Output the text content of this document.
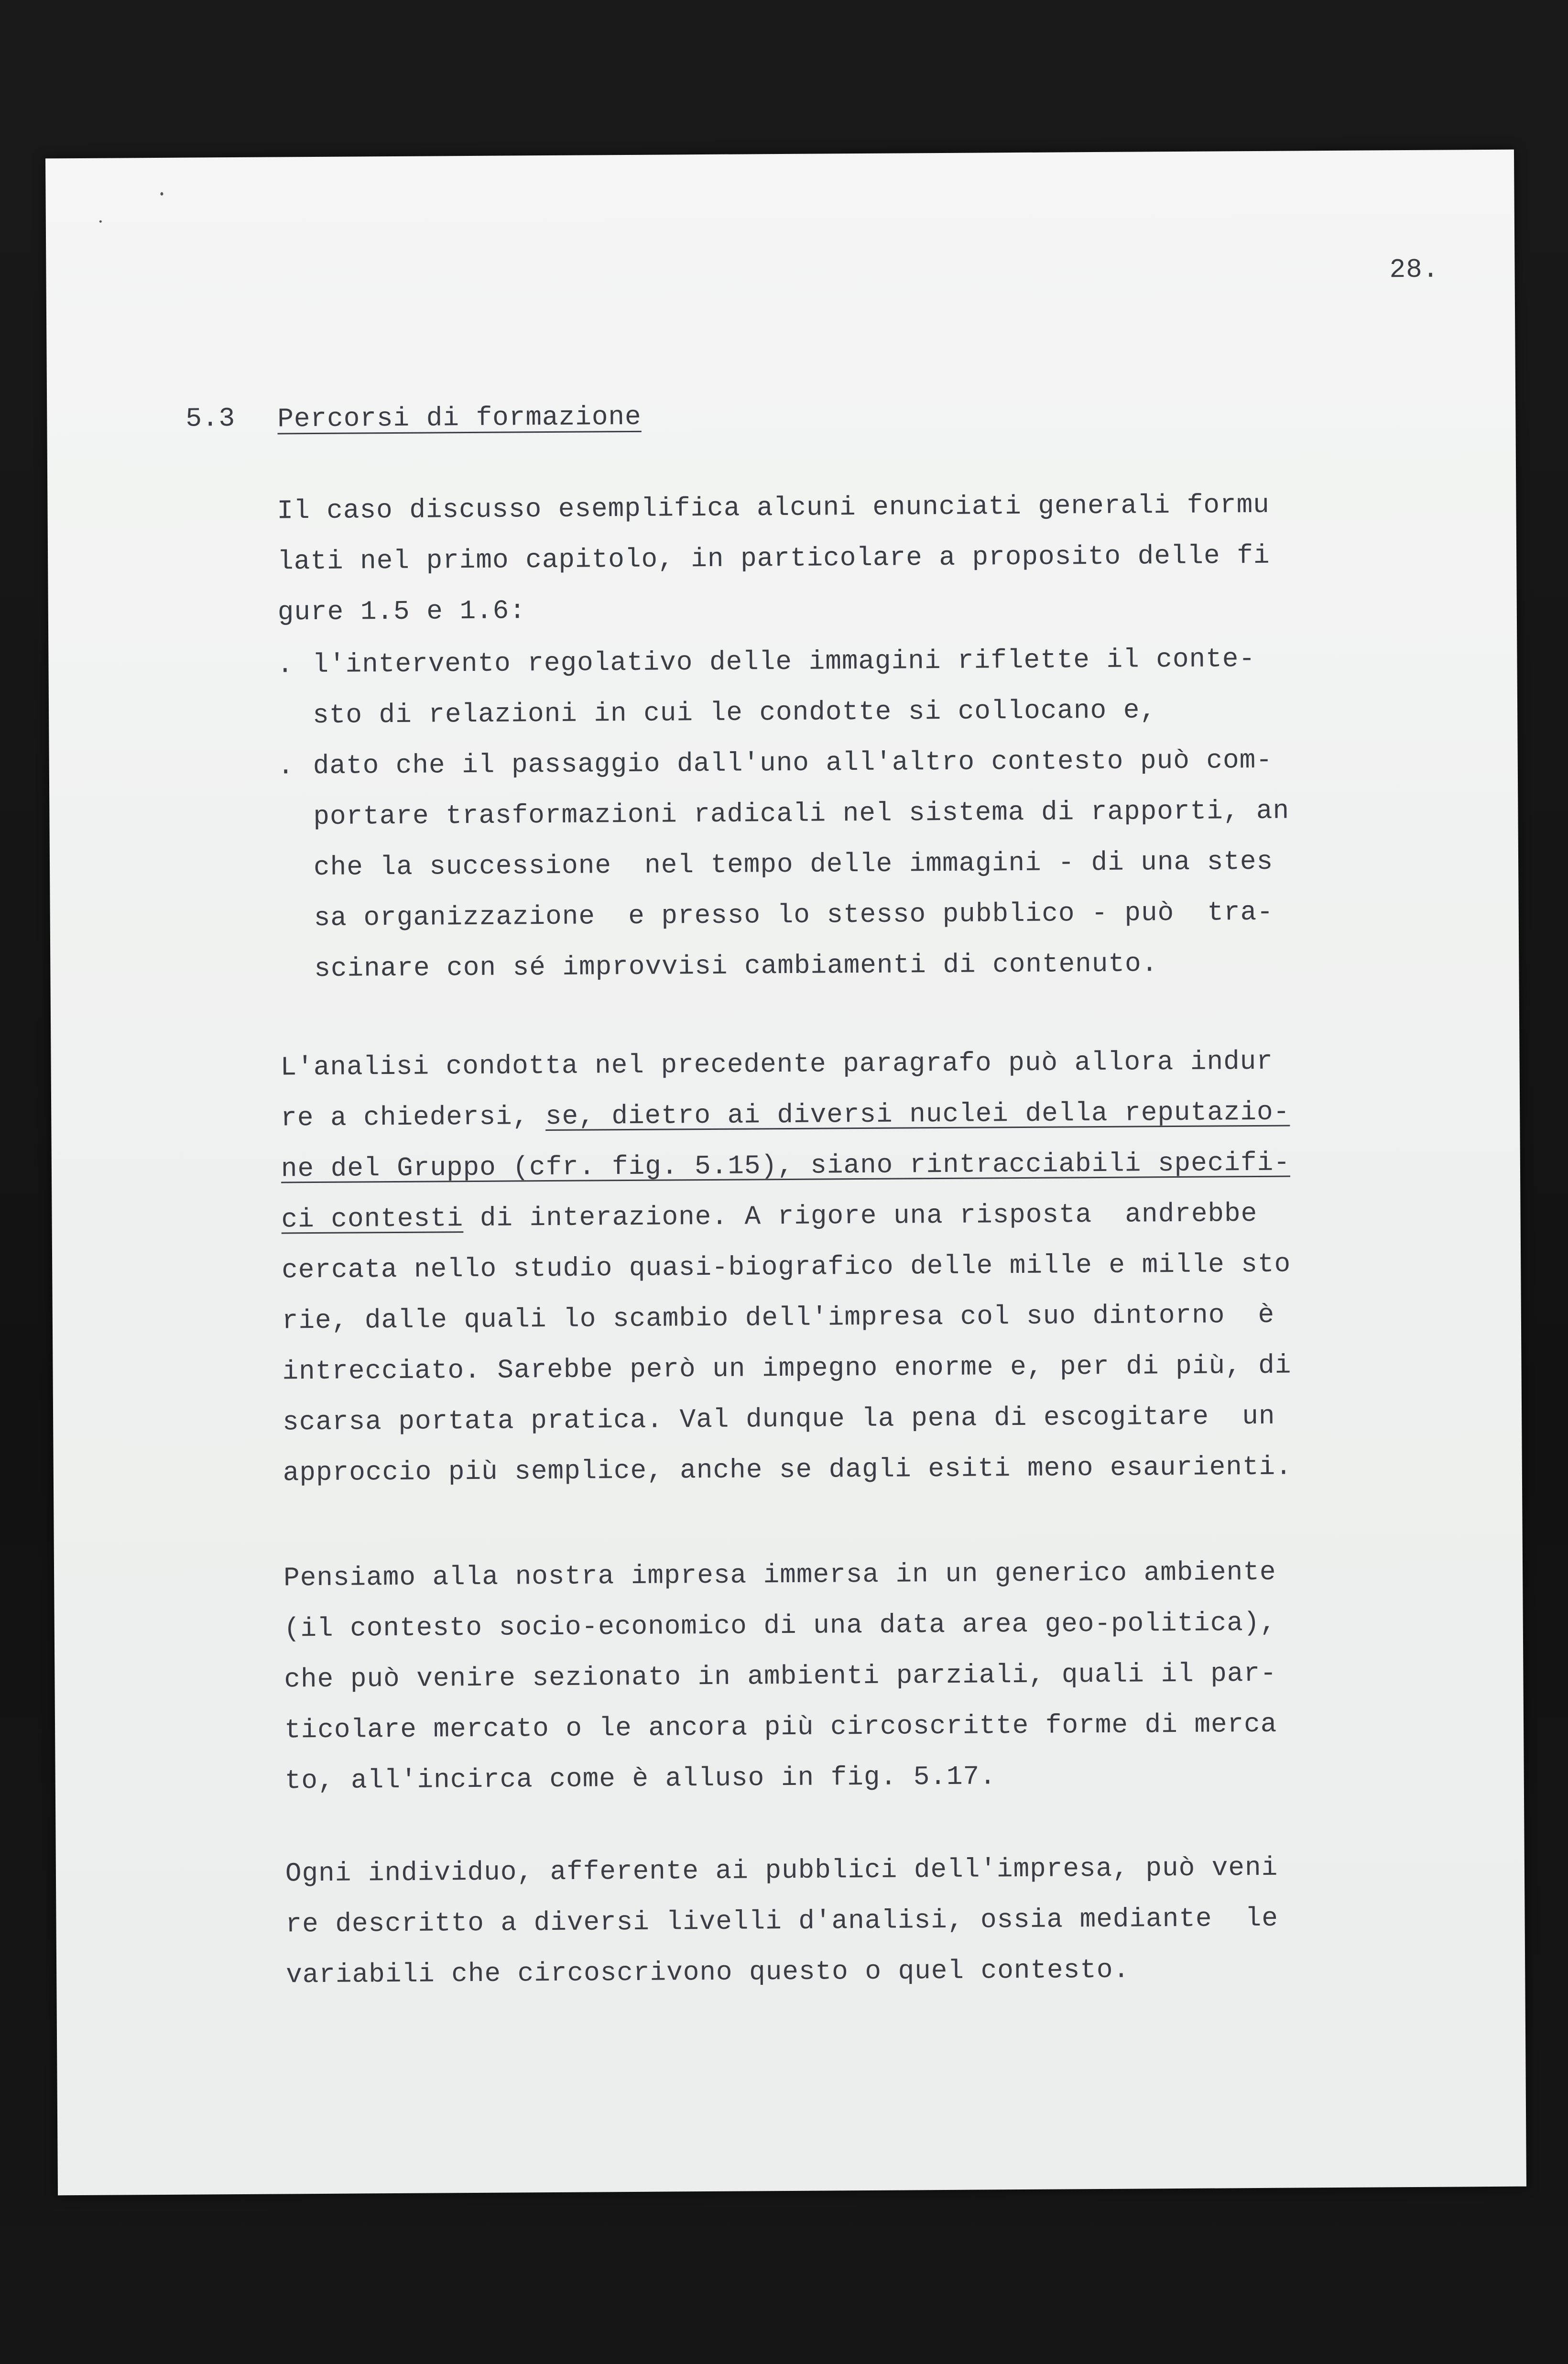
28.
5.3 Percorsi di formazione
Il caso discusso esemplifica alcuni enunciati generali formu
lati nel primo capitolo, in particolare a proposito delle fi
gure 1.5 e 1.6:
. l'intervento regolativo delle immagini riflette il conte-
sto di relazioni in cui le condotte si collocano e,
. dato che il passaggio dall'uno all'altro contesto può com-
portare trasformazioni radicali nel sistema di rapporti, an
che la successione  nel tempo delle immagini - di una stes
sa organizzazione  e presso lo stesso pubblico - può  tra-
scinare con sé improvvisi cambiamenti di contenuto.
L'analisi condotta nel precedente paragrafo può allora indur
re a chiedersi, se, dietro ai diversi nuclei della reputazio-
ne del Gruppo (cfr. fig. 5.15), siano rintracciabili specifi-
ci contesti di interazione. A rigore una risposta  andrebbe
cercata nello studio quasi-biografico delle mille e mille sto
rie, dalle quali lo scambio dell'impresa col suo dintorno  è
intrecciato. Sarebbe però un impegno enorme e, per di più, di
scarsa portata pratica. Val dunque la pena di escogitare  un
approccio più semplice, anche se dagli esiti meno esaurienti.
Pensiamo alla nostra impresa immersa in un generico ambiente
(il contesto socio-economico di una data area geo-politica),
che può venire sezionato in ambienti parziali, quali il par-
ticolare mercato o le ancora più circoscritte forme di merca
to, all'incirca come è alluso in fig. 5.17.
Ogni individuo, afferente ai pubblici dell'impresa, può veni
re descritto a diversi livelli d'analisi, ossia mediante  le
variabili che circoscrivono questo o quel contesto.
